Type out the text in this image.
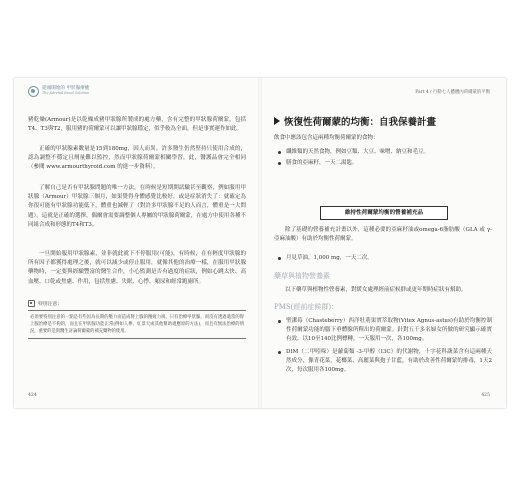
從頭開始的 甲狀腺療癒
The Adrenal Reset Solution
豬乾燥(Armour)是以乾燥成豬甲狀腺所製成的處方藥，含有完整的甲狀腺荷爾蒙，包括T4、T3與T2，服用豬的荷爾蒙可以讓甲狀腺穩定，似乎較為全面，但是事實運作如此。
正確的甲狀腺素數量是15到180mg，因人而異。許多醫生仍然堅持只使用合成的，認為調整不穩定且劑量難以監控，然而甲狀腺荷爾蒙相關學習，此，醫護品會完全相同（參閱 www.armourthyroid.com 的進一步資料）。
了解自己是否有甲狀腺問題的唯一方法，在時候是短期開試驗甚至觀察，例如服用甲狀腺（Armour）甲狀腺三個月，如果覺得身體感覺比較好，或是症狀消失了：就確定為你很可能有甲狀腺功能低下，體重也減輕了（對許多甲狀腺不足的人而言，體重是一大問題）。這就是正確的選擇，偶爾會需要調整個人專屬的甲狀腺荷爾蒙，在處方中使用各種不同組合成和形態的T4和T3。
一旦開始服用甲狀腺素，並非就此就下不停服用(可能)，有時候，在有輕度甲狀腺的所有因子都獲得處理之後，就可以減少或停止服用，就像其他的治療一樣，在服用甲狀腺藥物時，一定要與經驗豐富的醫生合作，小心監測是否有過度的症狀，例如心跳太快、高血壓、口乾或焦慮、作用，包括焦慮、失眠、心悸、頻尿和經常跑廁所。
特別注意：
必須要特別注意的一點是有些因為長期的壓力而造成腎上腺的精疲力竭，只有治療甲狀腺，而沒有透過適當的腎上腺治療是不夠的，而且在甲狀腺功能正常(例如人參、紅景天或其他幫助適應原的方法)，而且有無法治療的情況，重要的是與醫生討論荷爾蒙的補充藥物的使用。
424
Part 4 ∕ 行動七人體體內荷爾蒙的平衡
恢復性荷爾蒙的均衡：自我保養計畫
飲食中應該包含這兩種均衡荷爾蒙的食物：
纖維類的天然食物，例如豆類、大豆、味噌、納豆和毛豆。
膳食的亞麻籽，一天二湯匙。
維持性荷爾蒙均衡的營養補充品
除了基礎的營養補充計畫以外，這種必要的亞麻籽油或omega-6脂肪酸（GLA 或 γ-亞麻油酸）有助於均衡性荷爾蒙。
月見草油，1,000 mg，一天二次。
藥草與植物營養素
以下藥草與植物性營養素，對緩女處理經前症候群或更年期時症狀有幫助。
PMS(經前症候群)：
聖潔莓（Chasteberry）西洋牡荊果實萃取物(Vitex Agnus-astus)有助於均衡控制性荷爾蒙功能的腦下垂體腺所釋出的荷爾蒙。針對五千多名婦女所做的研究顯示確實有效，以10至140比例標轉，一天服用一次，各100mg。
DIM（二甲吲哚）是蘿蔔類 -3-甲醇（I3C）的代謝物，十字花科蔬菜含有這兩種天然成分，像青花菜，花椰菜、高麗菜與孢子甘藍，有助於改善性荷爾蒙的排毒，1天2次，每次服用各100mg。
425
